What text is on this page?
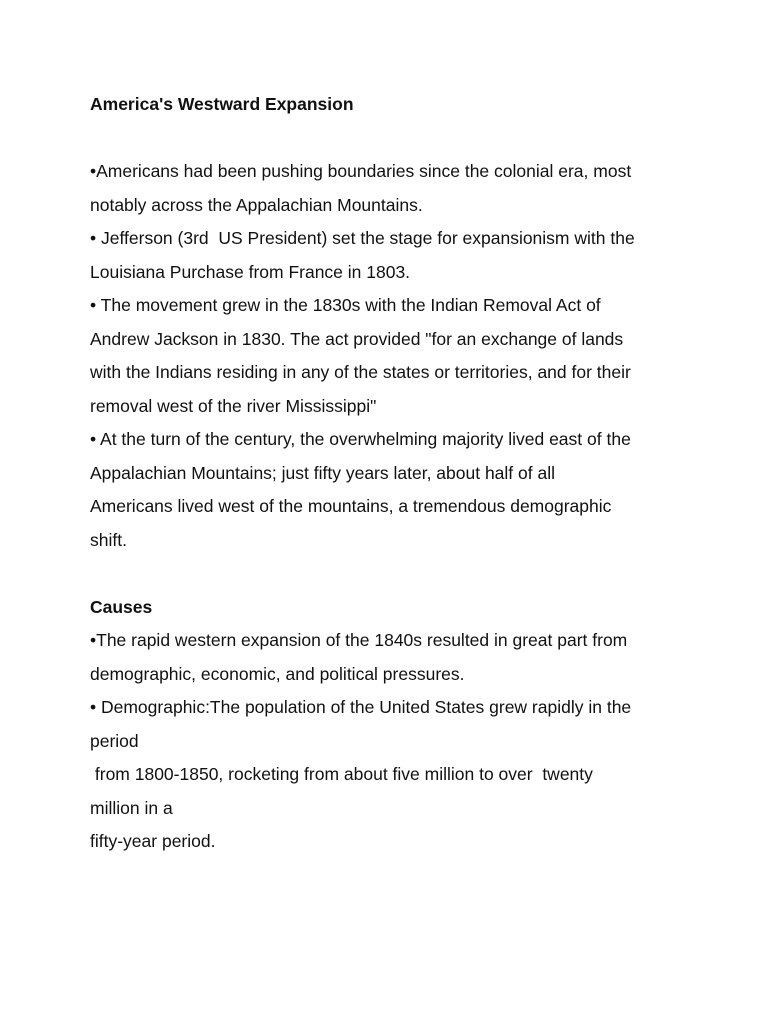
America's Westward Expansion

•Americans had been pushing boundaries since the colonial era, most

notably across the Appalachian Mountains.

• Jefferson (3rd  US President) set the stage for expansionism with the

Louisiana Purchase from France in 1803.

• The movement grew in the 1830s with the Indian Removal Act of

Andrew Jackson in 1830. The act provided "for an exchange of lands

with the Indians residing in any of the states or territories, and for their

removal west of the river Mississippi"

• At the turn of the century, the overwhelming majority lived east of the

Appalachian Mountains; just fifty years later, about half of all

Americans lived west of the mountains, a tremendous demographic

shift.

Causes

•The rapid western expansion of the 1840s resulted in great part from

demographic, economic, and political pressures.

• Demographic:The population of the United States grew rapidly in the

period

from 1800-1850, rocketing from about five million to over  twenty

million in a

fifty-year period.
